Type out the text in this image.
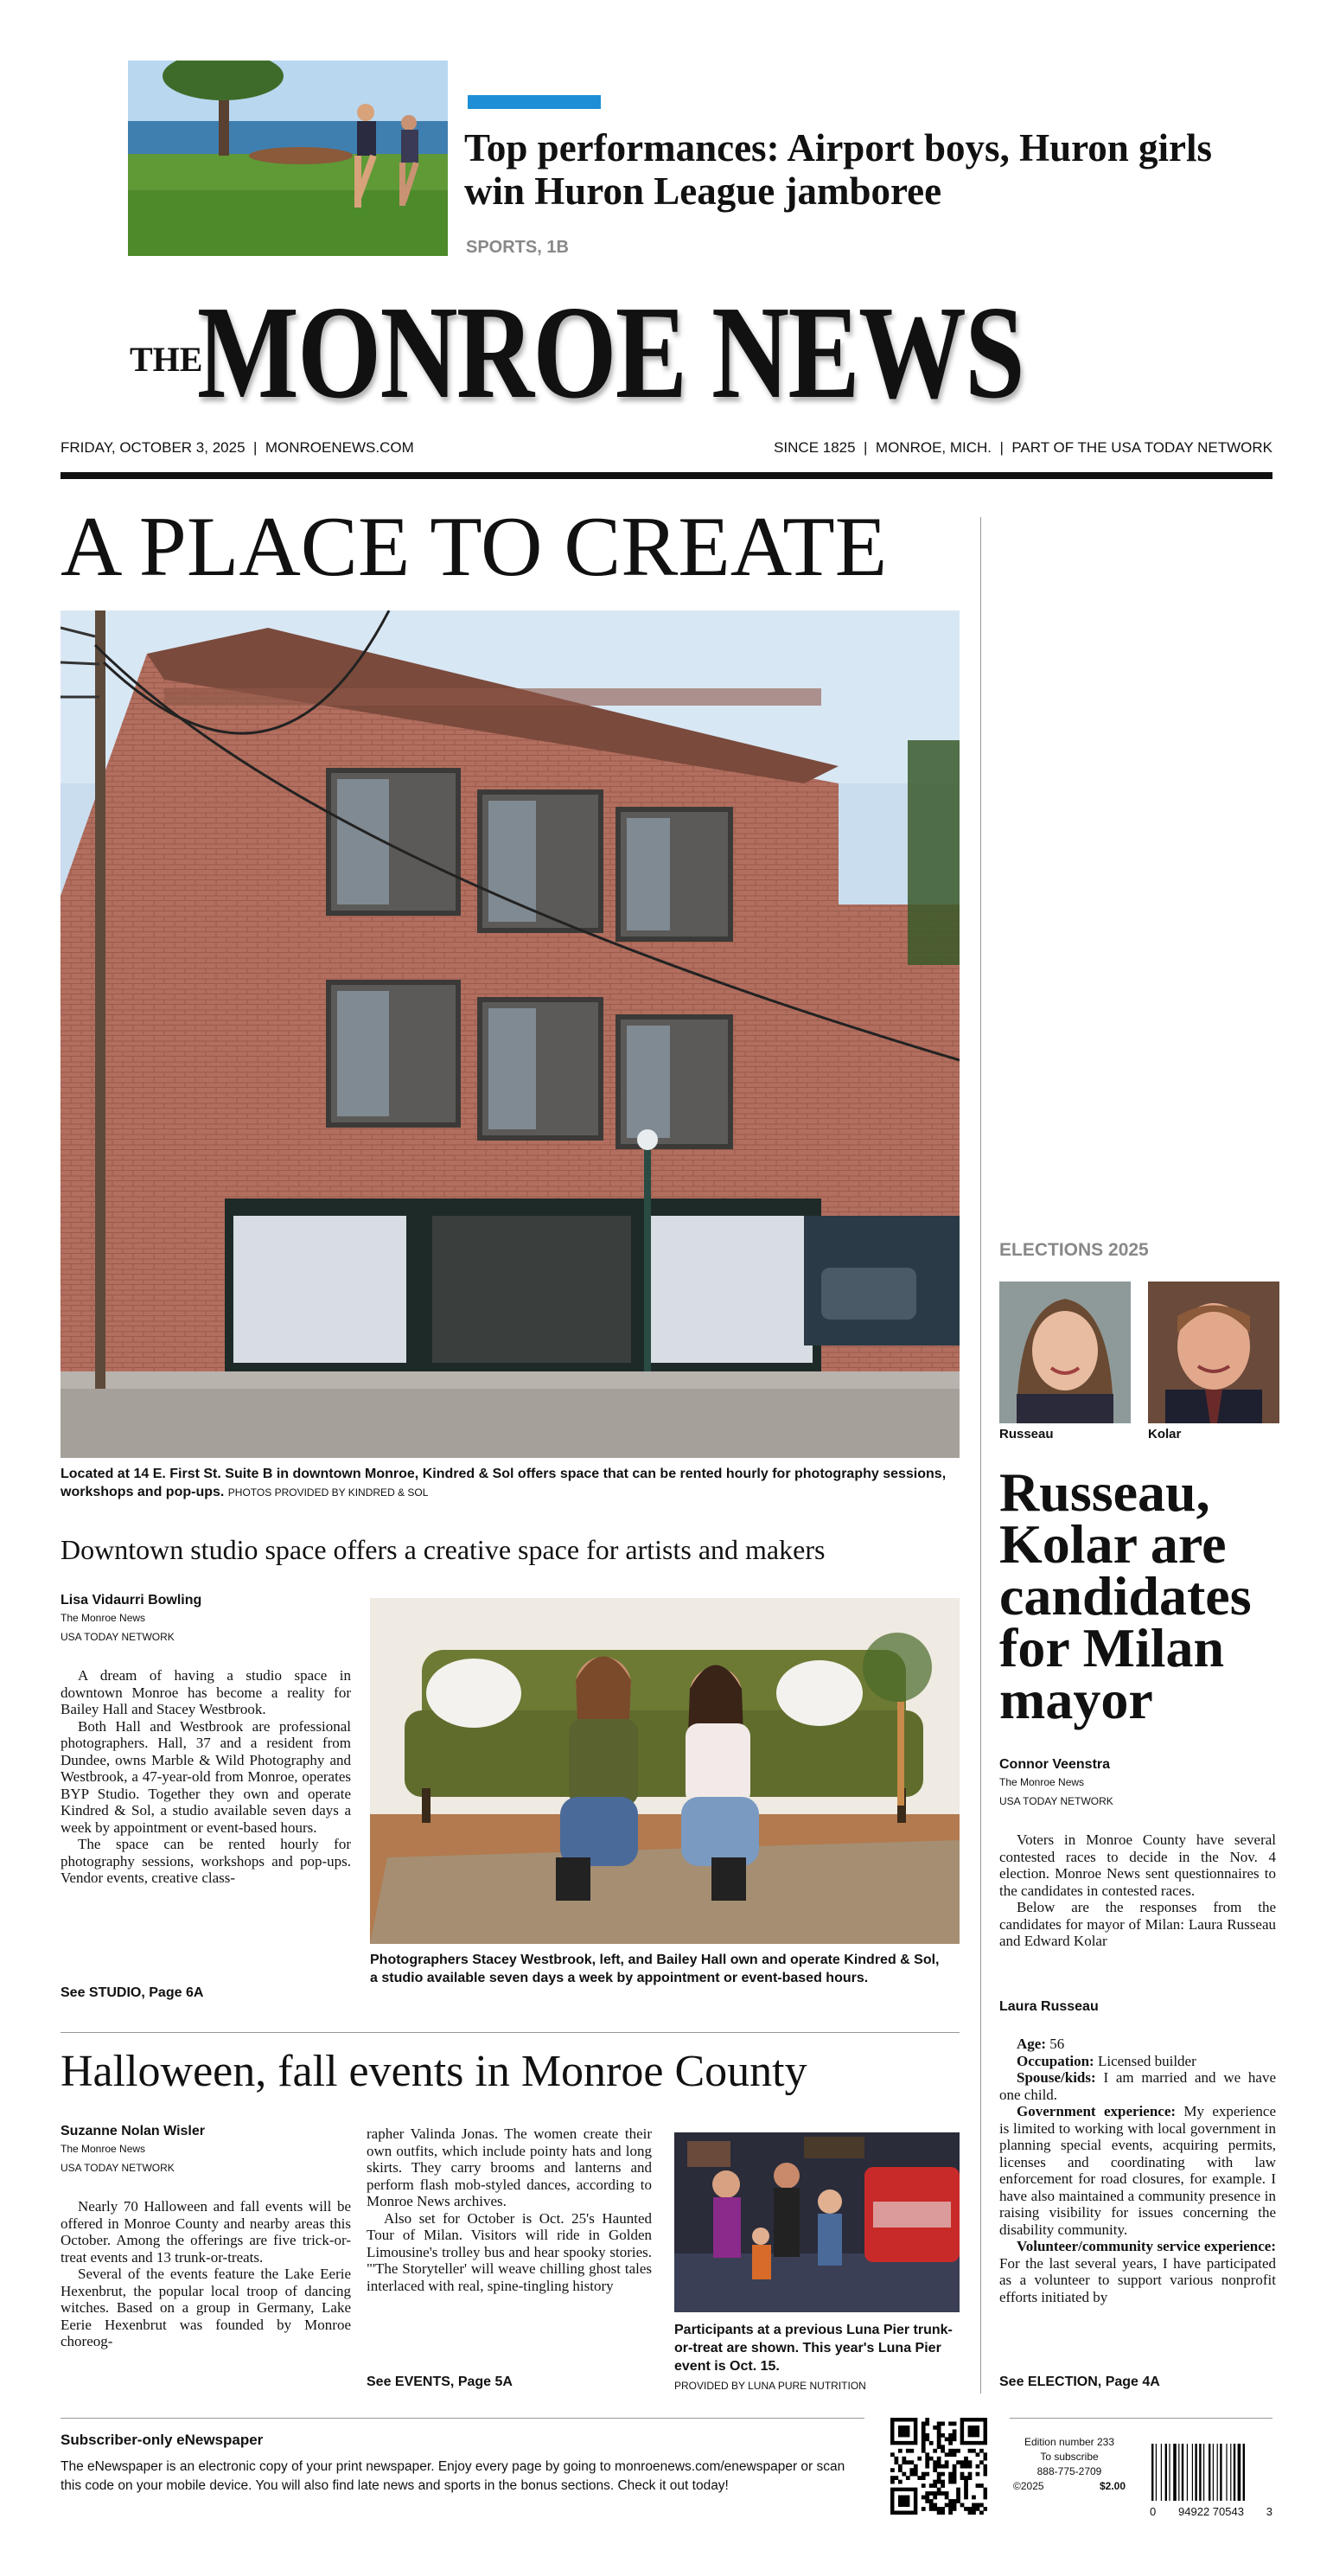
Top performances: Airport boys, Huron girls win Huron League jamboree
SPORTS, 1B
THE
MONROE NEWS
FRIDAY, OCTOBER 3, 2025  |  MONROENEWS.COM	SINCE 1825  |  MONROE, MICH.  |  PART OF THE USA TODAY NETWORK
A PLACE TO CREATE
Located at 14 E. First St. Suite B in downtown Monroe, Kindred & Sol offers space that can be rented hourly for photography sessions, workshops and pop-ups. PHOTOS PROVIDED BY KINDRED & SOL
Downtown studio space offers a creative space for artists and makers
Lisa Vidaurri Bowling
The Monroe News
USA TODAY NETWORK

A dream of having a studio space in downtown Monroe has become a reality for Bailey Hall and Stacey Westbrook.

Both Hall and Westbrook are professional photographers. Hall, 37 and a resident from Dundee, owns Marble & Wild Photography and Westbrook, a 47-year-old from Monroe, operates BYP Studio. Together they own and operate Kindred & Sol, a studio available seven days a week by appointment or event-based hours.

The space can be rented hourly for photography sessions, workshops and pop-ups. Vendor events, creative class-

See STUDIO, Page 6A
Photographers Stacey Westbrook, left, and Bailey Hall own and operate Kindred & Sol, a studio available seven days a week by appointment or event-based hours.
Halloween, fall events in Monroe County
Suzanne Nolan Wisler
The Monroe News
USA TODAY NETWORK

Nearly 70 Halloween and fall events will be offered in Monroe County and nearby areas this October. Among the offerings are five trick-or-treat events and 13 trunk-or-treats.

Several of the events feature the Lake Eerie Hexenbrut, the popular local troop of dancing witches. Based on a group in Germany, Lake Eerie Hexenbrut was founded by Monroe choreog-

rapher Valinda Jonas. The women create their own outfits, which include pointy hats and long skirts. They carry brooms and lanterns and perform flash mob-styled dances, according to Monroe News archives.

Also set for October is Oct. 25's Haunted Tour of Milan. Visitors will ride in Golden Limousine's trolley bus and hear spooky stories. "'The Storyteller' will weave chilling ghost tales interlaced with real, spine-tingling history

See EVENTS, Page 5A
Participants at a previous Luna Pier trunk-or-treat are shown. This year's Luna Pier event is Oct. 15.
PROVIDED BY LUNA PURE NUTRITION
ELECTIONS 2025
Russeau	Kolar
Russeau, Kolar are candidates for Milan mayor
Connor Veenstra
The Monroe News
USA TODAY NETWORK

Voters in Monroe County have several contested races to decide in the Nov. 4 election. Monroe News sent questionnaires to the candidates in contested races.

Below are the responses from the candidates for mayor of Milan: Laura Russeau and Edward Kolar

Laura Russeau

Age: 56

Occupation: Licensed builder

Spouse/kids: I am married and we have one child.

Government experience: My experience is limited to working with local government in planning special events, acquiring permits, licenses and coordinating with law enforcement for road closures, for example. I have also maintained a community presence in raising visibility for issues concerning the disability community.

Volunteer/community service experience: For the last several years, I have participated as a volunteer to support various nonprofit efforts initiated by

See ELECTION, Page 4A
Subscriber-only eNewspaper
The eNewspaper is an electronic copy of your print newspaper. Enjoy every page by going to monroenews.com/enewspaper or scan this code on your mobile device. You will also find late news and sports in the bonus sections. Check it out today!
Edition number 233
To subscribe
888-775-2709
©2025	$2.00
0 94922 70543 3
